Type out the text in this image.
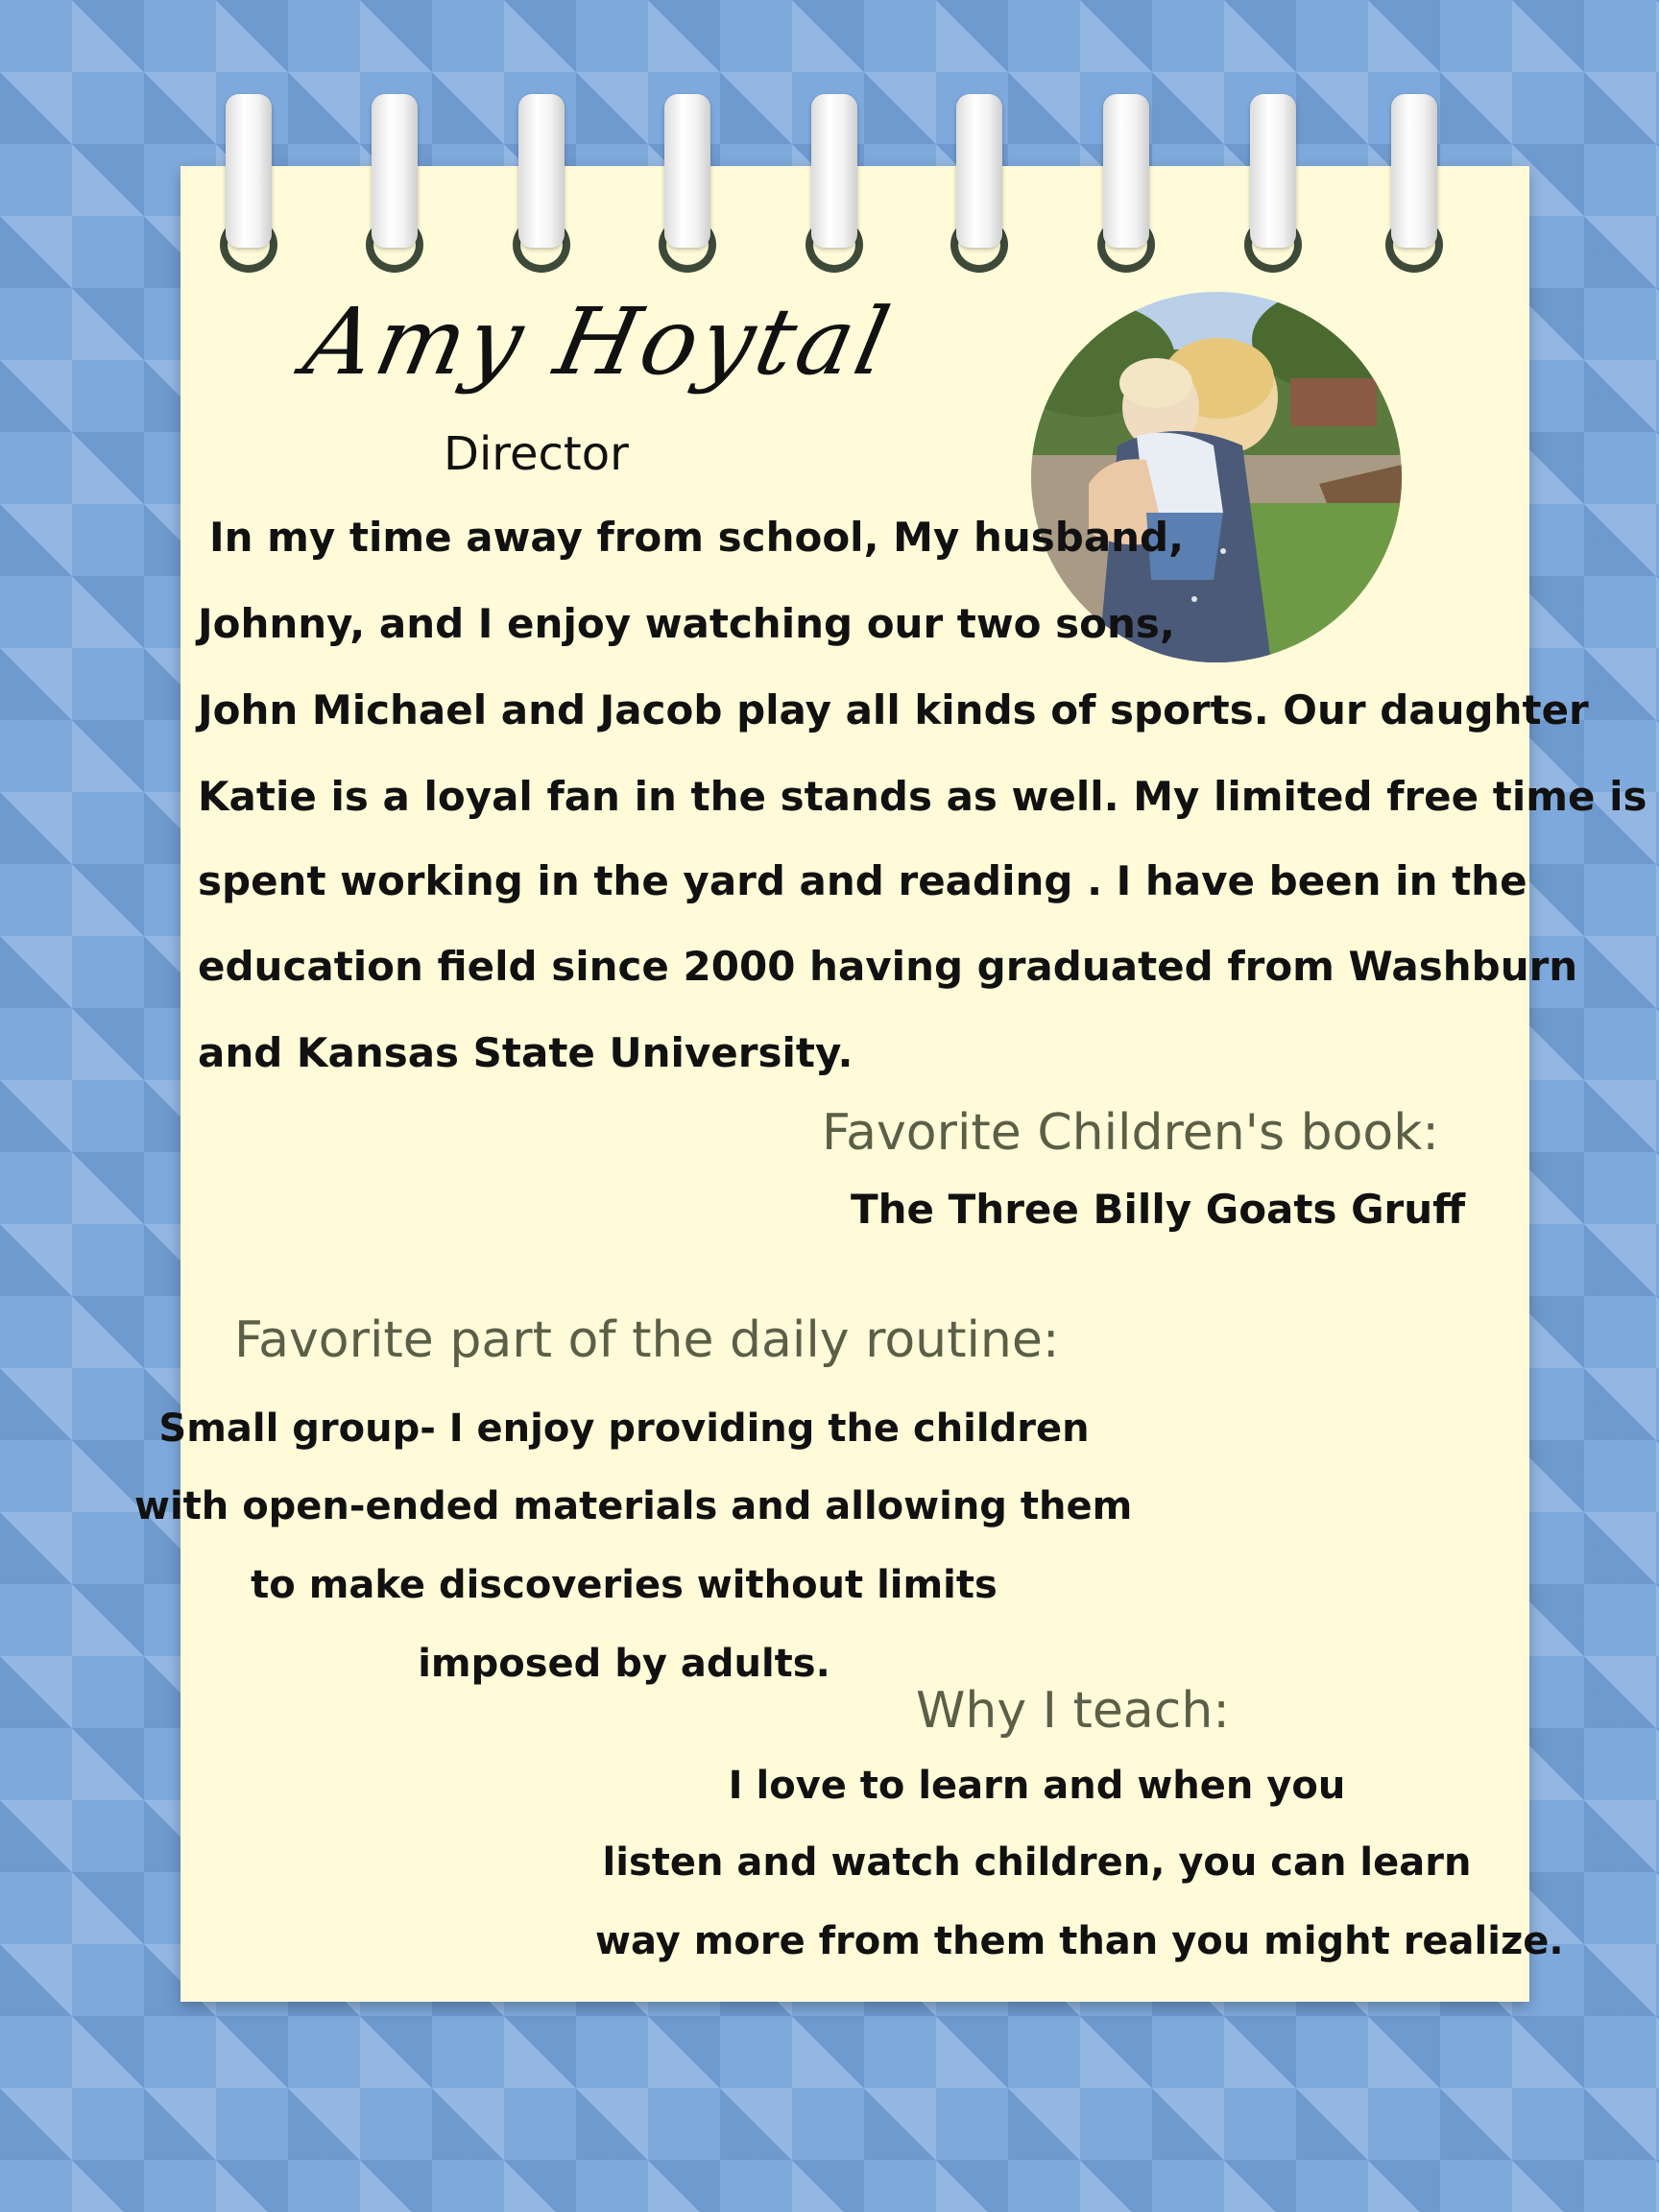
Amy Hoytal
Director
In my time away from school, My husband,
Johnny, and I enjoy watching our two sons,
John Michael and Jacob play all kinds of sports. Our daughter
Katie is a loyal fan in the stands as well. My limited free time is
spent working in the yard and reading . I have been in the
education field since 2000 having graduated from Washburn
and Kansas State University.
Favorite Children's book:
The Three Billy Goats Gruff
Favorite part of the daily routine:
Small group- I enjoy providing the children
with open-ended materials and allowing them
to make discoveries without limits
imposed by adults.
Why I teach:
I love to learn and when you
listen and watch children, you can learn
way more from them than you might realize.
